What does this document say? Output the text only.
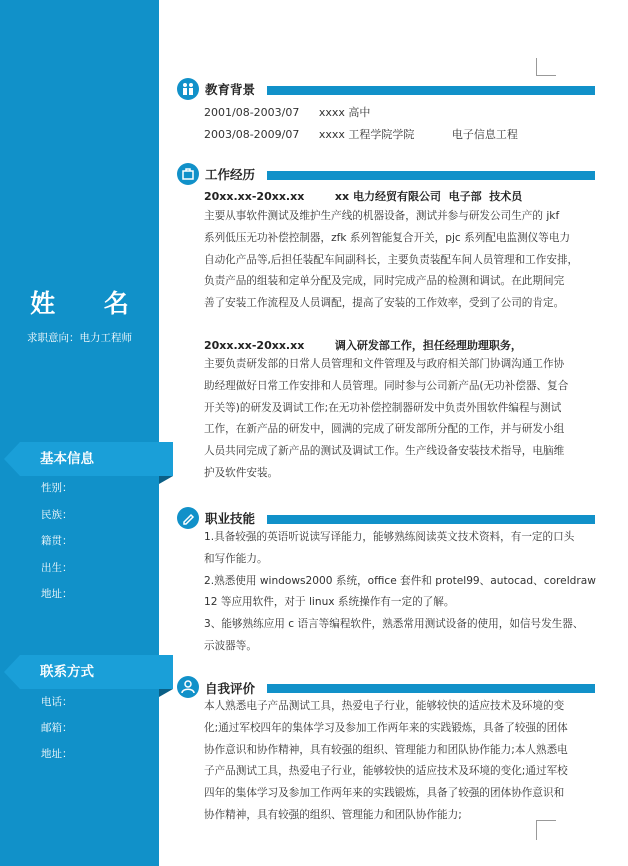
姓 名
求职意向：电力工程师
基本信息
性别：
民族：
籍贯：
出生：
地址：
联系方式
电话：
邮箱：
地址：
教育背景
2001/08-2003/07 xxxx 高中
2003/08-2009/07 xxxx 工程学院学院	电子信息工程
工作经历
20xx.xx-20xx.xx        xx 电力经贸有限公司  电子部  技术员
主要从事软件测试及维护生产线的机器设备，测试并参与研发公司生产的 jkf
系列低压无功补偿控制器，zfk 系列智能复合开关，pjc 系列配电监测仪等电力
自动化产品等,后担任装配车间副科长，主要负责装配车间人员管理和工作安排，
负责产品的组装和定单分配及完成，同时完成产品的检测和调试。在此期间完
善了安装工作流程及人员调配，提高了安装的工作效率，受到了公司的肯定。
20xx.xx-20xx.xx        调入研发部工作，担任经理助理职务，
主要负责研发部的日常人员管理和文件管理及与政府相关部门协调沟通工作协
助经理做好日常工作安排和人员管理。同时参与公司新产品(无功补偿器、复合
开关等)的研发及调试工作;在无功补偿控制器研发中负责外围软件编程与测试
工作，在新产品的研发中，圆满的完成了研发部所分配的工作，并与研发小组
人员共同完成了新产品的测试及调试工作。生产线设备安装技术指导，电脑维
护及软件安装。
职业技能
1.具备较强的英语听说读写译能力，能够熟练阅读英文技术资料，有一定的口头
和写作能力。
2.熟悉使用 windows2000 系统，office 套件和 protel99、autocad、coreldraw
12 等应用软件，对于 linux 系统操作有一定的了解。
3、能够熟练应用 c 语言等编程软件，熟悉常用测试设备的使用，如信号发生器、
示波器等。
自我评价
本人熟悉电子产品测试工具，热爱电子行业，能够较快的适应技术及环境的变
化;通过军校四年的集体学习及参加工作两年来的实践锻炼，具备了较强的团体
协作意识和协作精神，具有较强的组织、管理能力和团队协作能力;本人熟悉电
子产品测试工具，热爱电子行业，能够较快的适应技术及环境的变化;通过军校
四年的集体学习及参加工作两年来的实践锻炼，具备了较强的团体协作意识和
协作精神，具有较强的组织、管理能力和团队协作能力;
